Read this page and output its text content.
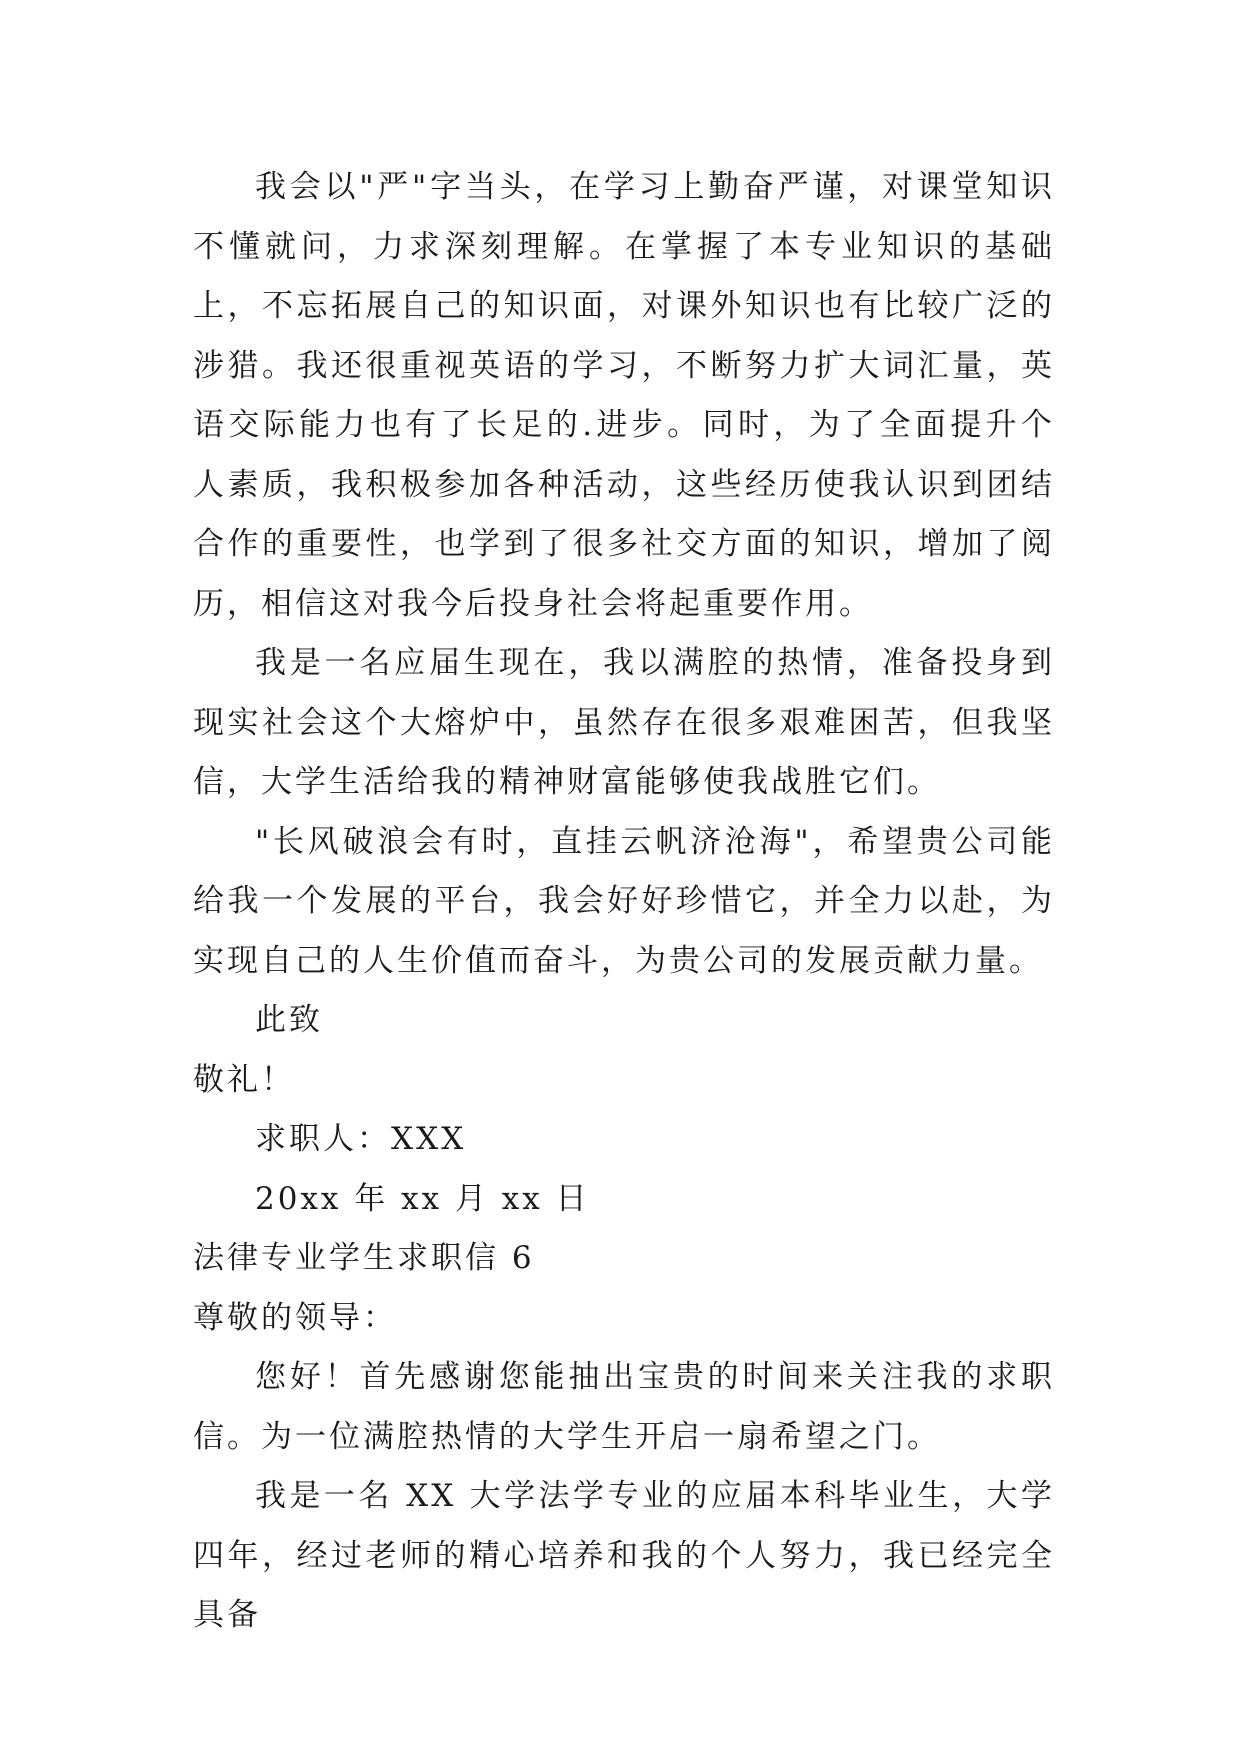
我会以"严"字当头，在学习上勤奋严谨，对课堂知识不懂就问，力求深刻理解。在掌握了本专业知识的基础上，不忘拓展自己的知识面，对课外知识也有比较广泛的涉猎。我还很重视英语的学习，不断努力扩大词汇量，英语交际能力也有了长足的.进步。同时，为了全面提升个人素质，我积极参加各种活动，这些经历使我认识到团结合作的重要性，也学到了很多社交方面的知识，增加了阅历，相信这对我今后投身社会将起重要作用。

我是一名应届生现在，我以满腔的热情，准备投身到现实社会这个大熔炉中，虽然存在很多艰难困苦，但我坚信，大学生活给我的精神财富能够使我战胜它们。

"长风破浪会有时，直挂云帆济沧海"，希望贵公司能给我一个发展的平台，我会好好珍惜它，并全力以赴，为实现自己的人生价值而奋斗，为贵公司的发展贡献力量。

此致

敬礼！

求职人：XXX

20xx 年 xx 月 xx 日

法律专业学生求职信 6

尊敬的领导：

您好！首先感谢您能抽出宝贵的时间来关注我的求职信。为一位满腔热情的大学生开启一扇希望之门。

我是一名 XX 大学法学专业的应届本科毕业生，大学四年，经过老师的精心培养和我的个人努力，我已经完全具备
